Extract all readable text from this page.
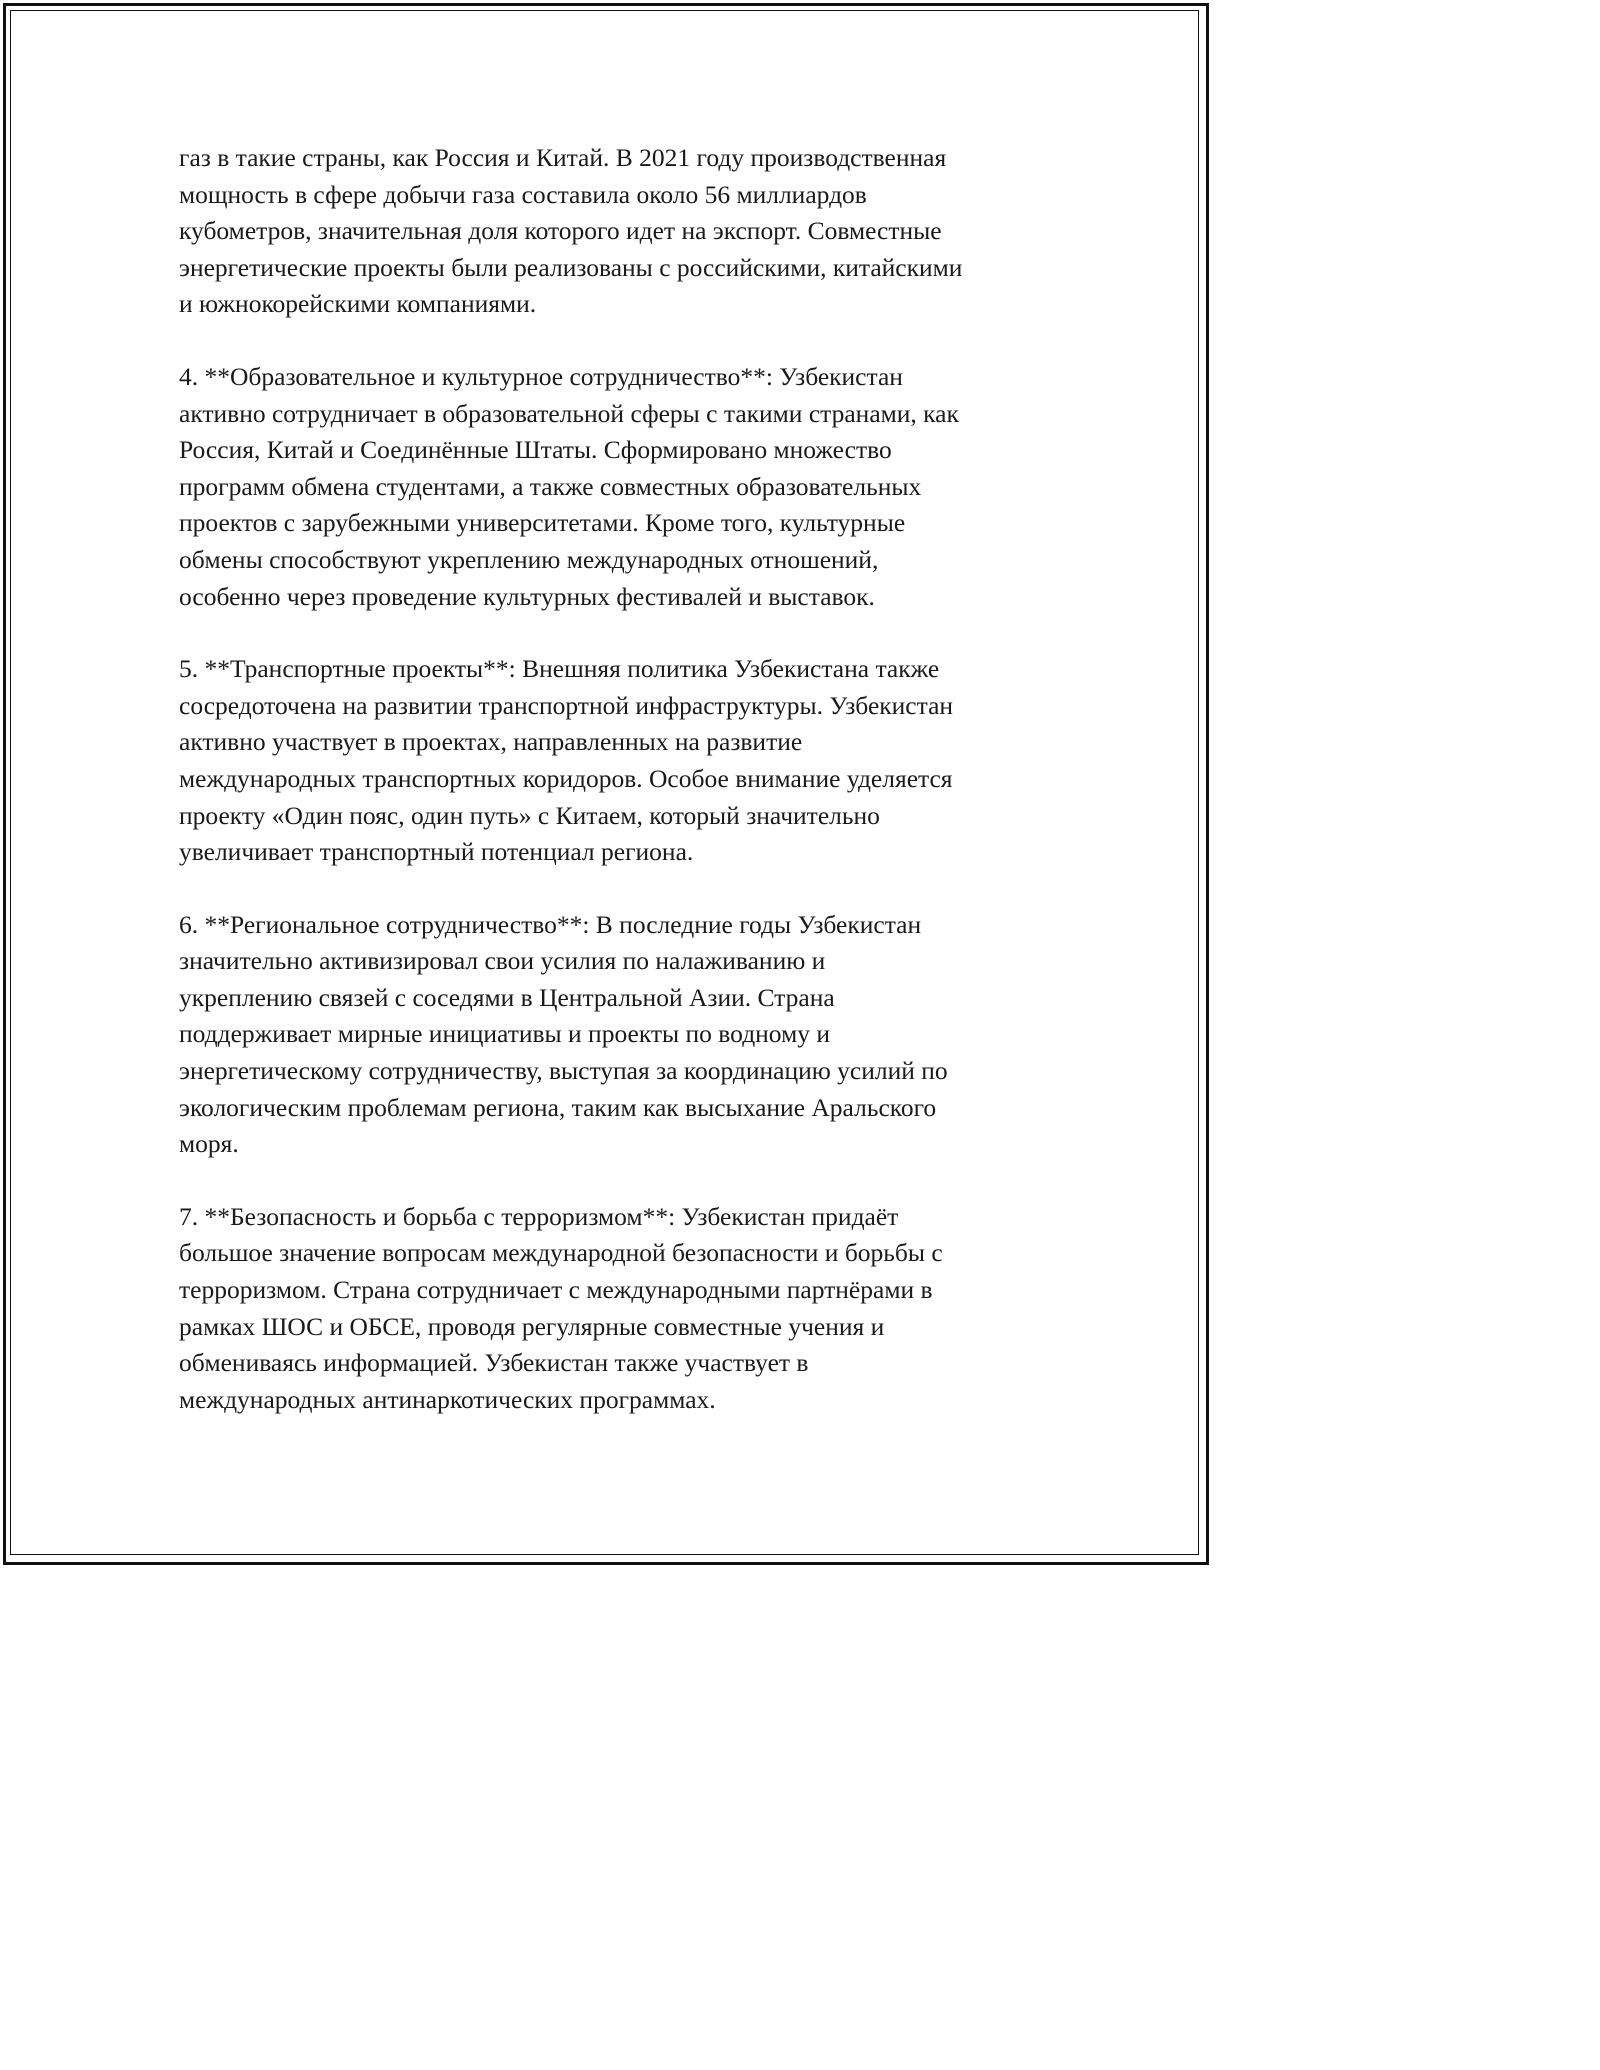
газ в такие страны, как Россия и Китай. В 2021 году производственная
мощность в сфере добычи газа составила около 56 миллиардов
кубометров, значительная доля которого идет на экспорт. Совместные
энергетические проекты были реализованы с российскими, китайскими
и южнокорейскими компаниями.

4. **Образовательное и культурное сотрудничество**: Узбекистан
активно сотрудничает в образовательной сферы с такими странами, как
Россия, Китай и Соединённые Штаты. Сформировано множество
программ обмена студентами, а также совместных образовательных
проектов с зарубежными университетами. Кроме того, культурные
обмены способствуют укреплению международных отношений,
особенно через проведение культурных фестивалей и выставок.

5. **Транспортные проекты**: Внешняя политика Узбекистана также
сосредоточена на развитии транспортной инфраструктуры. Узбекистан
активно участвует в проектах, направленных на развитие
международных транспортных коридоров. Особое внимание уделяется
проекту «Один пояс, один путь» с Китаем, который значительно
увеличивает транспортный потенциал региона.

6. **Региональное сотрудничество**: В последние годы Узбекистан
значительно активизировал свои усилия по налаживанию и
укреплению связей с соседями в Центральной Азии. Страна
поддерживает мирные инициативы и проекты по водному и
энергетическому сотрудничеству, выступая за координацию усилий по
экологическим проблемам региона, таким как высыхание Аральского
моря.

7. **Безопасность и борьба с терроризмом**: Узбекистан придаёт
большое значение вопросам международной безопасности и борьбы с
терроризмом. Страна сотрудничает с международными партнёрами в
рамках ШОС и ОБСЕ, проводя регулярные совместные учения и
обмениваясь информацией. Узбекистан также участвует в
международных антинаркотических программах.
